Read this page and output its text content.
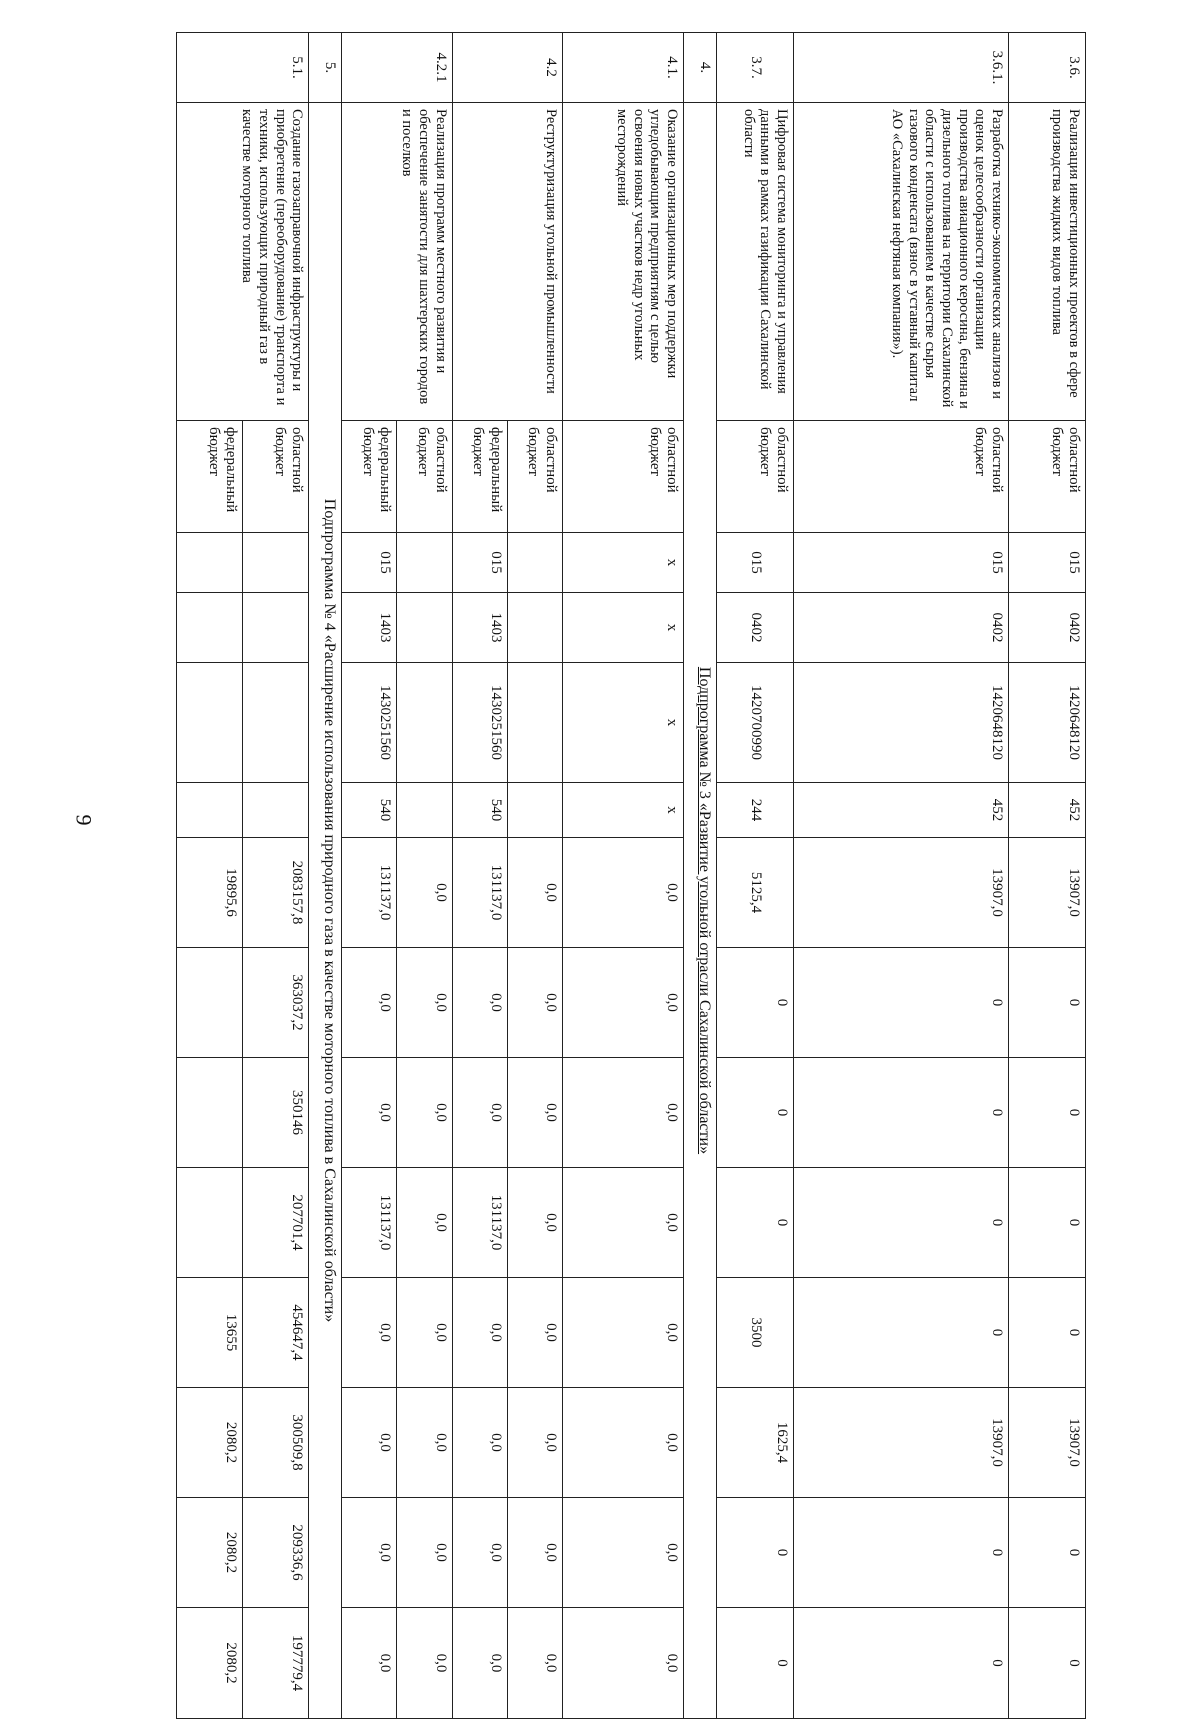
9
3.6.	Реализация инвестиционных проектов в сфере производства жидких видов топлива	областной бюджет	015	0402	1420648120	452	13907,0	0	0	0	0	13907,0	0	0
3.6.1.	Разработка технико-экономических анализов и оценок целесообразности организации производства авиационного керосина, бензина и дизельного топлива на территории Сахалинской области с использованием в качестве сырья газового конденсата (взнос в уставный капитал АО «Сахалинская нефтяная компания»).	областной бюджет	015	0402	1420648120	452	13907,0	0	0	0	0	13907,0	0	0
3.7.	Цифровая система мониторинга и управления данными в рамках газификации Сахалинской области	областной бюджет	015	0402	1420700990	244	5125,4	0	0	0	3500	1625,4	0	0
4.	Подпрограмма № 3 «Развитие угольной отрасли Сахалинской области»													
4.1.	Оказание организационных мер поддержки угледобывающим предприятиям с целью освоения новых участков недр угольных месторождений	областной бюджет	х	х	х	х	0,0	0,0	0,0	0,0	0,0	0,0	0,0	0,0
4.2	Реструктуризация угольной промышленности	областной бюджет					0,0	0,0	0,0	0,0	0,0	0,0	0,0	0,0
		федеральный бюджет	015	1403	1430251560	540	131137,0	0,0	0,0	131137,0	0,0	0,0	0,0	0,0
4.2.1	Реализация программ местного развития и обеспечение занятости для шахтерских городов и поселков	областной бюджет					0,0	0,0	0,0	0,0	0,0	0,0	0,0	0,0
		федеральный бюджет	015	1403	1430251560	540	131137,0	0,0	0,0	131137,0	0,0	0,0	0,0	0,0
5.	Подпрограмма № 4 «Расширение использования природного газа в качестве моторного топлива в Сахалинской области»													
5.1.	Создание газозаправочной инфраструктуры и приобретение (переоборудование) транспорта и техники, использующих природный газ в качестве моторного топлива	областной бюджет					2083157,8	363037,2	350146	207701,4	454647,4	300509,8	209336,6	197779,4
		федеральный бюджет					19895,6				13655	2080,2	2080,2	2080,2
